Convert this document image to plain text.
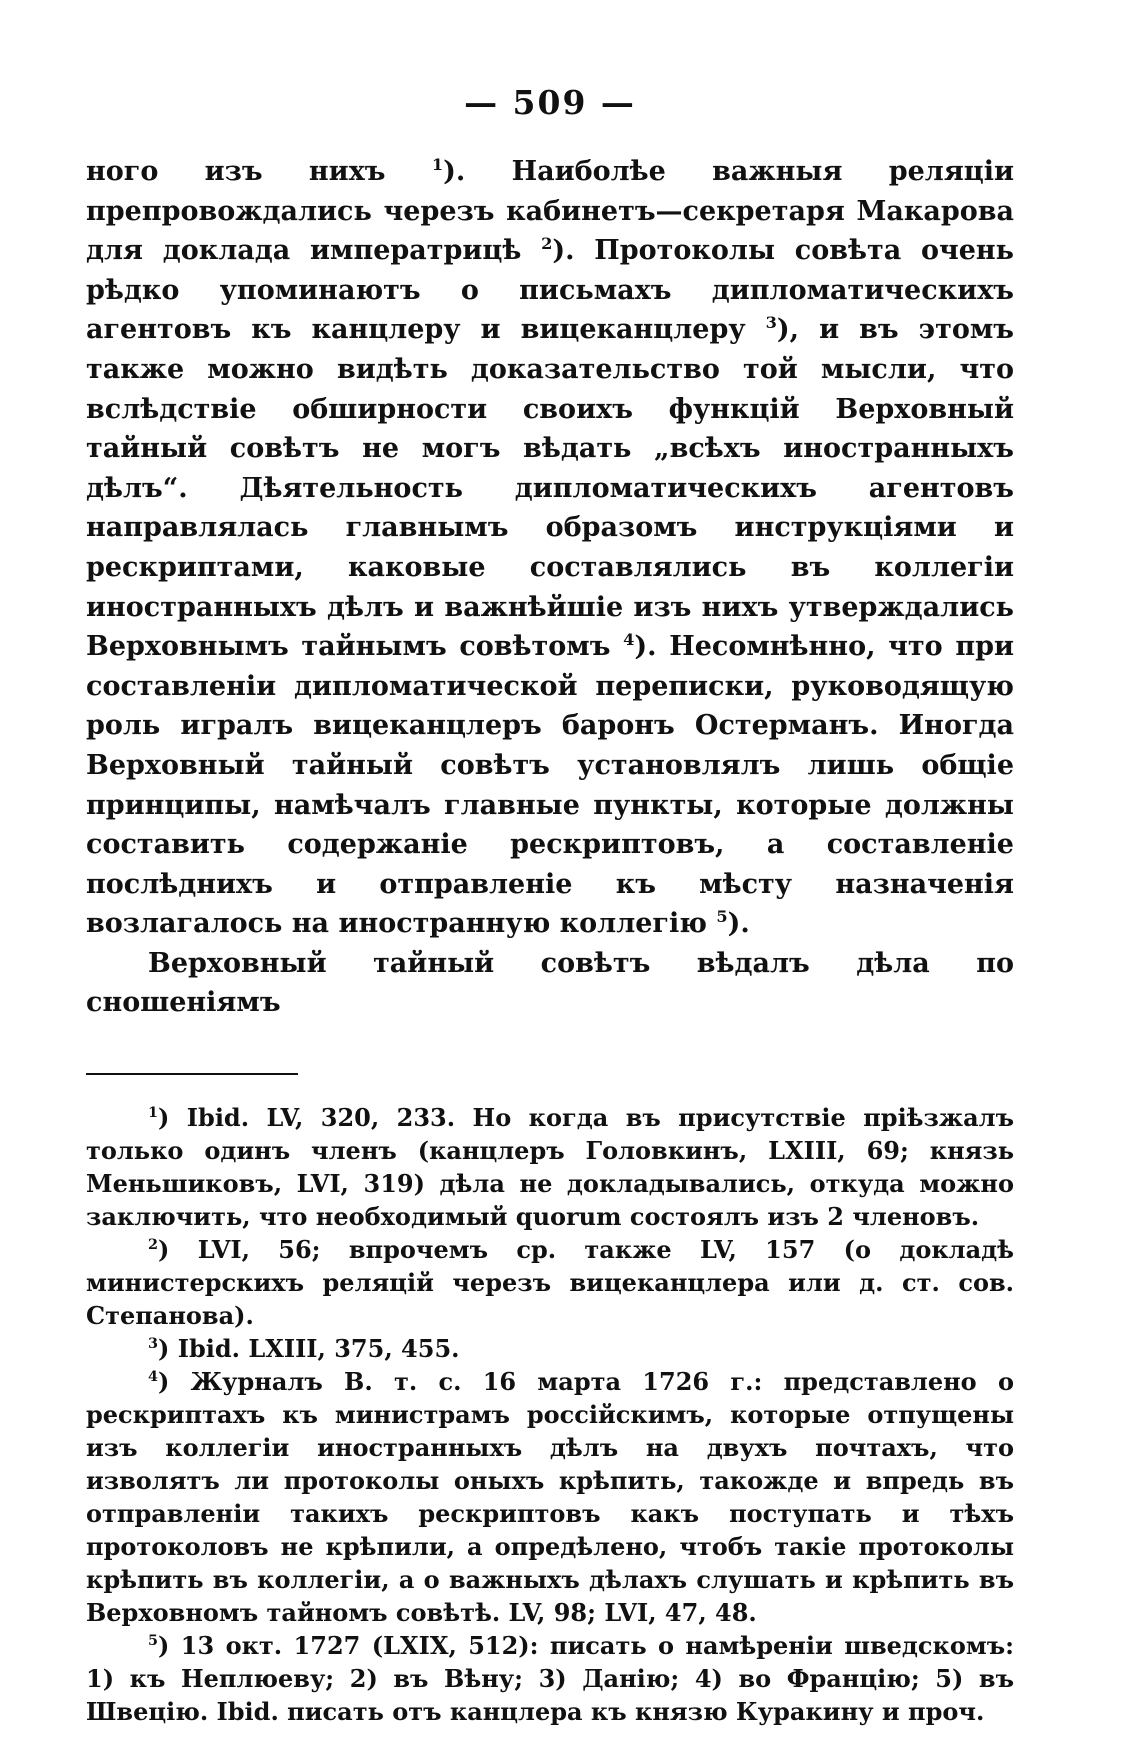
— 509 —

ного изъ нихъ $^1$). Наиболѣе важныя реляціи препровождались черезъ кабинетъ—секретаря Макарова для доклада императрицѣ $^2$). Протоколы совѣта очень рѣдко упоминаютъ о письмахъ дипломатическихъ агентовъ къ канцлеру и вицеканцлеру $^3$), и въ этомъ также можно видѣть доказательство той мысли, что вслѣдствіе обширности своихъ функцій Верховный тайный совѣтъ не могъ вѣдать „всѣхъ иностранныхъ дѣлъ“. Дѣятельность дипломатическихъ агентовъ направлялась главнымъ образомъ инструкціями и рескриптами, каковые составлялись въ коллегіи иностранныхъ дѣлъ и важнѣйшіе изъ нихъ утверждались Верховнымъ тайнымъ совѣтомъ $^4$). Несомнѣнно, что при составленіи дипломатической переписки, руководящую роль игралъ вицеканцлеръ баронъ Остерманъ. Иногда Верховный тайный совѣтъ установлялъ лишь общіе принципы, намѣчалъ главные пункты, которые должны составить содержаніе рескриптовъ, а составленіе послѣднихъ и отправленіе къ мѣсту назначенія возлагалось на иностранную коллегію $^5$).

Верховный тайный совѣтъ вѣдалъ дѣла по сношеніямъ

$^1$) Ibid. LV, 320, 233. Но когда въ присутствіе пріѣзжалъ только одинъ членъ (канцлеръ Головкинъ, LXIII, 69; князь Меньшиковъ, LVI, 319) дѣла не докладывались, откуда можно заключить, что необходимый quorum состоялъ изъ 2 членовъ.

$^2$) LVI, 56; впрочемъ ср. также LV, 157 (о докладѣ министерскихъ реляцій черезъ вицеканцлера или д. ст. сов. Степанова).

$^3$) Ibid. LXIII, 375, 455.

$^4$) Журналъ В. т. с. 16 марта 1726 г.: представлено о рескриптахъ къ министрамъ россійскимъ, которые отпущены изъ коллегіи иностранныхъ дѣлъ на двухъ почтахъ, что изволятъ ли протоколы оныхъ крѣпить, такожде и впредь въ отправленіи такихъ рескриптовъ какъ поступать и тѣхъ протоколовъ не крѣпили, а опредѣлено, чтобъ такіе протоколы крѣпить въ коллегіи, а о важныхъ дѣлахъ слушать и крѣпить въ Верховномъ тайномъ совѣтѣ. LV, 98; LVI, 47, 48.

$^5$) 13 окт. 1727 (LXIX, 512): писать о намѣреніи шведскомъ: 1) къ Неплюеву; 2) въ Вѣну; 3) Данію; 4) во Францію; 5) въ Швецію. Ibid. писать отъ канцлера къ князю Куракину и проч.
